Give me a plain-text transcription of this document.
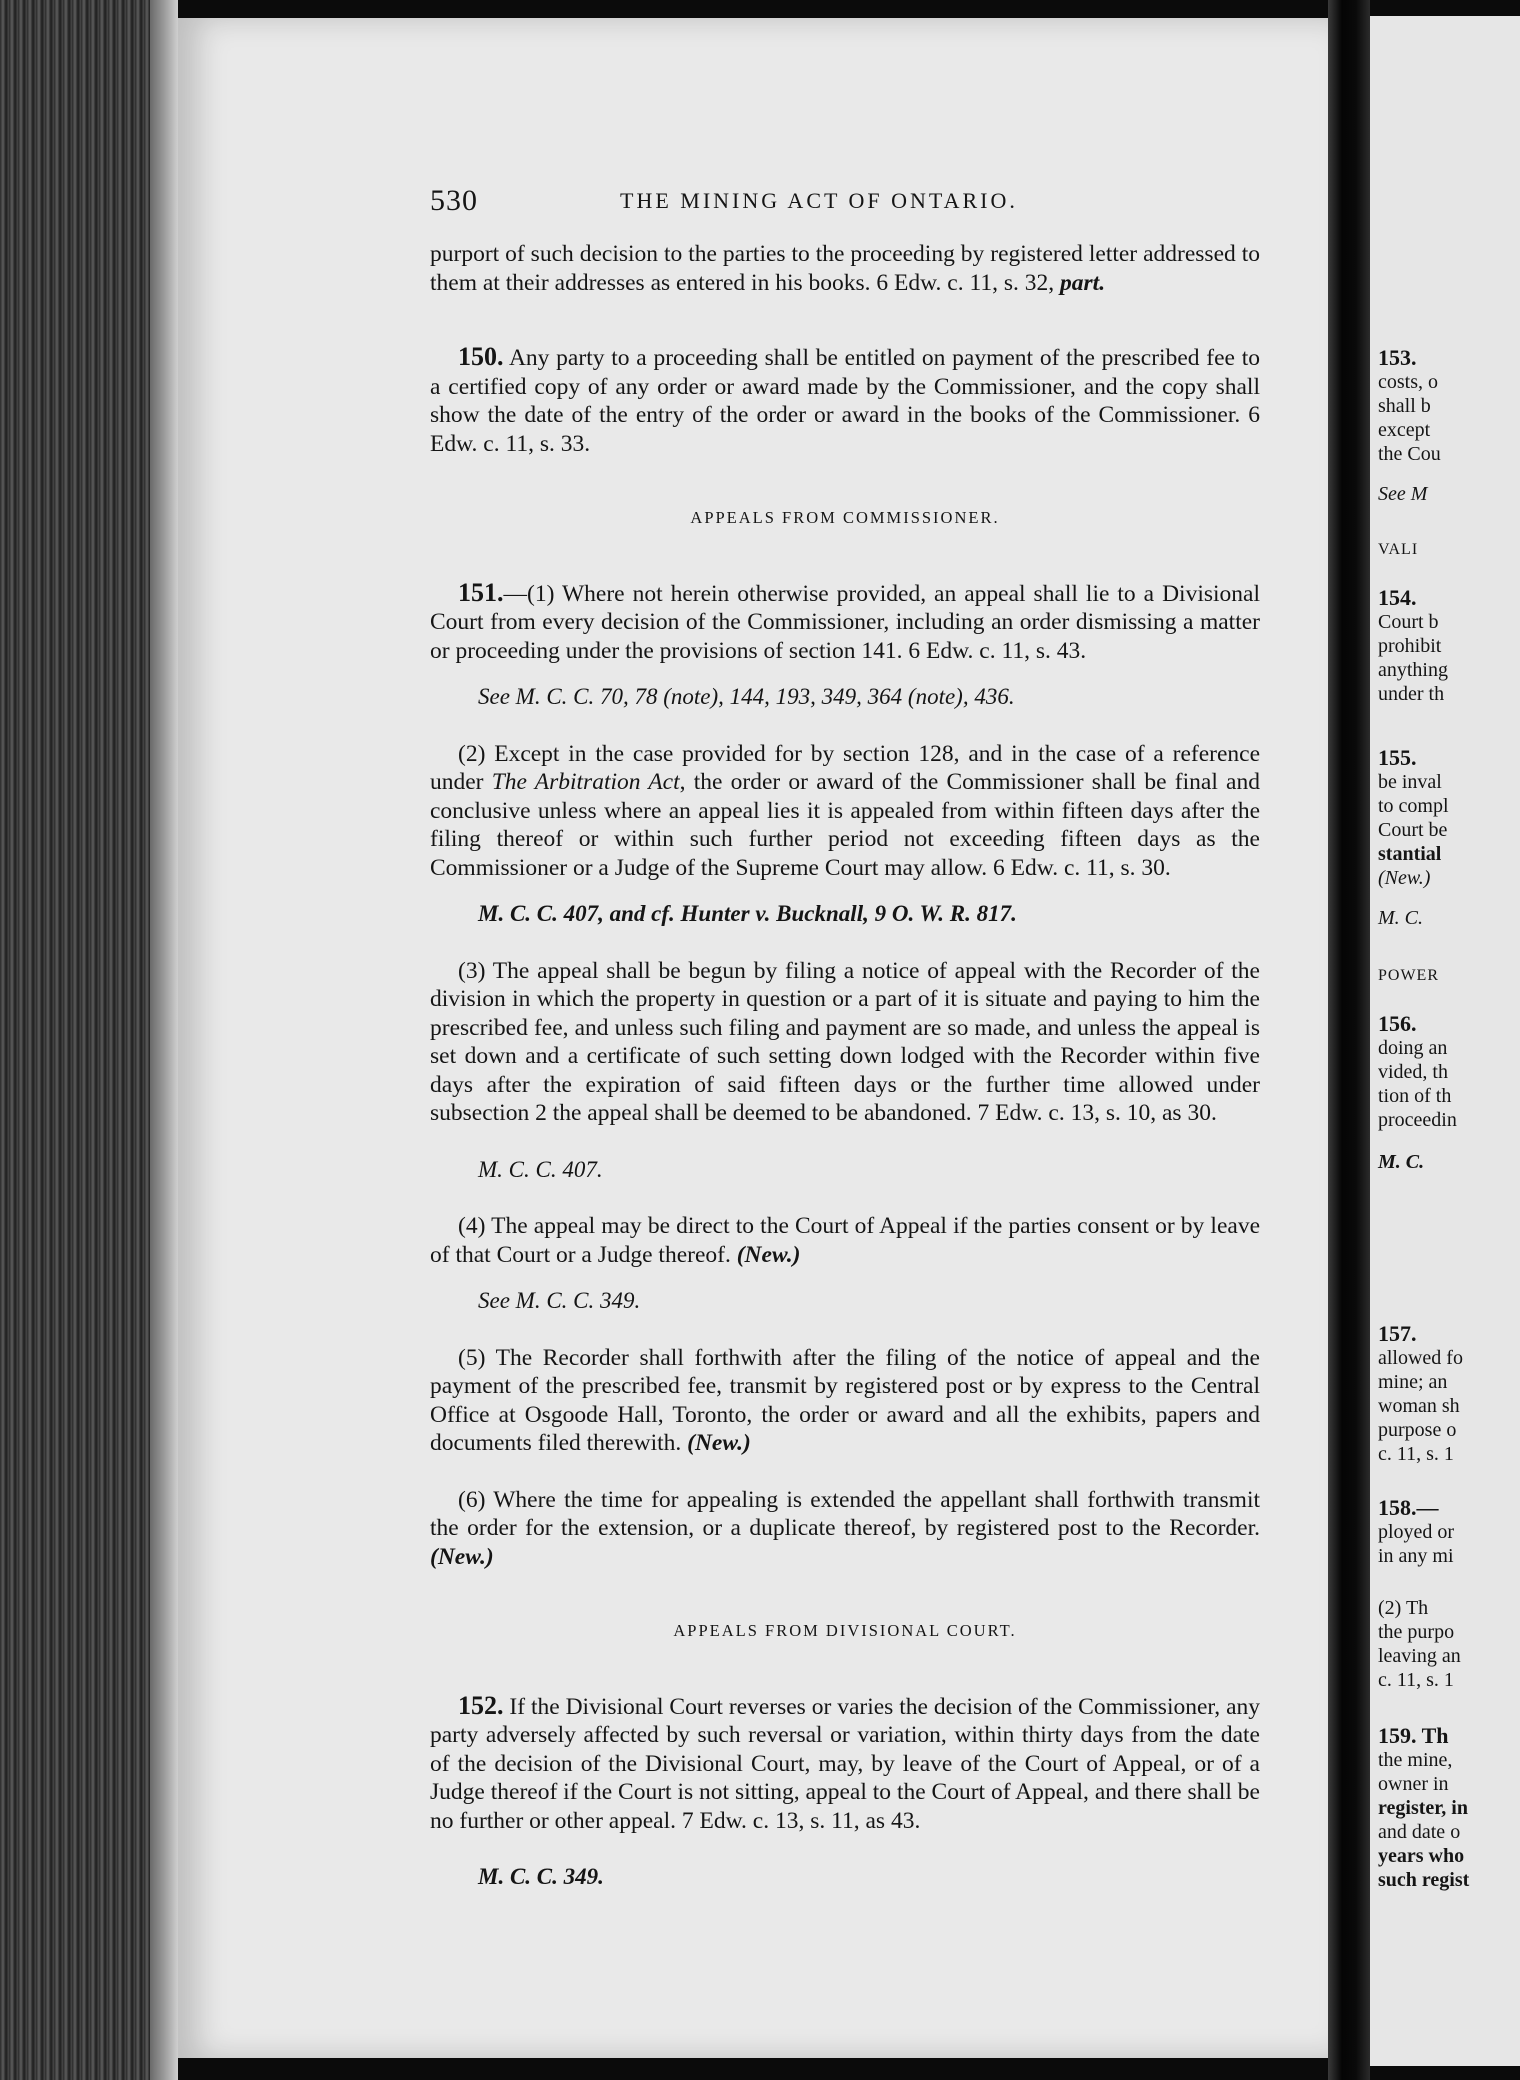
530	THE MINING ACT OF ONTARIO.

purport of such decision to the parties to the proceeding by registered letter addressed to them at their addresses as entered in his books. 6 Edw. c. 11, s. 32, part.

150. Any party to a proceeding shall be entitled on payment of the prescribed fee to a certified copy of any order or award made by the Commissioner, and the copy shall show the date of the entry of the order or award in the books of the Commissioner. 6 Edw. c. 11, s. 33.

APPEALS FROM COMMISSIONER.

151.—(1) Where not herein otherwise provided, an appeal shall lie to a Divisional Court from every decision of the Commissioner, including an order dismissing a matter or proceeding under the provisions of section 141. 6 Edw. c. 11, s. 43.

See M. C. C. 70, 78 (note), 144, 193, 349, 364 (note), 436.

(2) Except in the case provided for by section 128, and in the case of a reference under The Arbitration Act, the order or award of the Commissioner shall be final and conclusive unless where an appeal lies it is appealed from within fifteen days after the filing thereof or within such further period not exceeding fifteen days as the Commissioner or a Judge of the Supreme Court may allow. 6 Edw. c. 11, s. 30.

M. C. C. 407, and cf. Hunter v. Bucknall, 9 O. W. R. 817.

(3) The appeal shall be begun by filing a notice of appeal with the Recorder of the division in which the property in question or a part of it is situate and paying to him the prescribed fee, and unless such filing and payment are so made, and unless the appeal is set down and a certificate of such setting down lodged with the Recorder within five days after the expiration of said fifteen days or the further time allowed under subsection 2 the appeal shall be deemed to be abandoned. 7 Edw. c. 13, s. 10, as 30.

M. C. C. 407.

(4) The appeal may be direct to the Court of Appeal if the parties consent or by leave of that Court or a Judge thereof. (New.)

See M. C. C. 349.

(5) The Recorder shall forthwith after the filing of the notice of appeal and the payment of the prescribed fee, transmit by registered post or by express to the Central Office at Osgoode Hall, Toronto, the order or award and all the exhibits, papers and documents filed therewith. (New.)

(6) Where the time for appealing is extended the appellant shall forthwith transmit the order for the extension, or a duplicate thereof, by registered post to the Recorder. (New.)

APPEALS FROM DIVISIONAL COURT.

152. If the Divisional Court reverses or varies the decision of the Commissioner, any party adversely affected by such reversal or variation, within thirty days from the date of the decision of the Divisional Court, may, by leave of the Court of Appeal, or of a Judge thereof if the Court is not sitting, appeal to the Court of Appeal, and there shall be no further or other appeal. 7 Edw. c. 13, s. 11, as 43.

M. C. C. 349.

153.
costs, o
shall b
except
the Cou
See M
VALI
154.
Court b
prohibit
anything
under th
155.
be inval
to compl
Court be
stantial
(New.)
M. C.
POWER
156.
doing an
vided, th
tion of th
proceedin
M. C.
157.
allowed fo
mine; an
woman sh
purpose o
c. 11, s. 1
158.—
ployed or
in any mi
(2) Th
the purpo
leaving an
c. 11, s. 1
159. Th
the mine,
owner in
register, in
and date o
years who
such regist
